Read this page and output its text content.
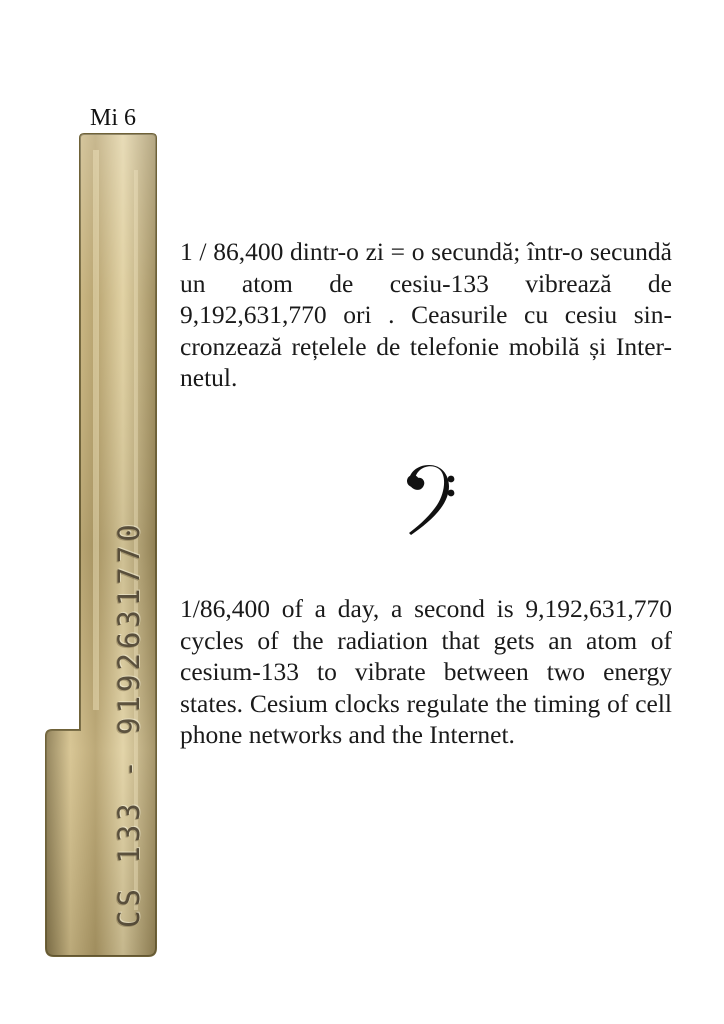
Mi 6
CS 133 - 9192631770
1 / 86,400 dintr-o zi = o secundă; într-o secundă un atom de cesiu-133 vibrează de 9,192,631,770 ori . Ceasurile cu cesiu sin-cronzează rețelele de telefonie mobilă și Inter-netul.
1/86,400 of a day, a second is 9,192,631,770 cycles of the radiation that gets an atom of cesium-133 to vibrate between two energy states. Cesium clocks regulate the timing of cell phone networks and the Internet.
